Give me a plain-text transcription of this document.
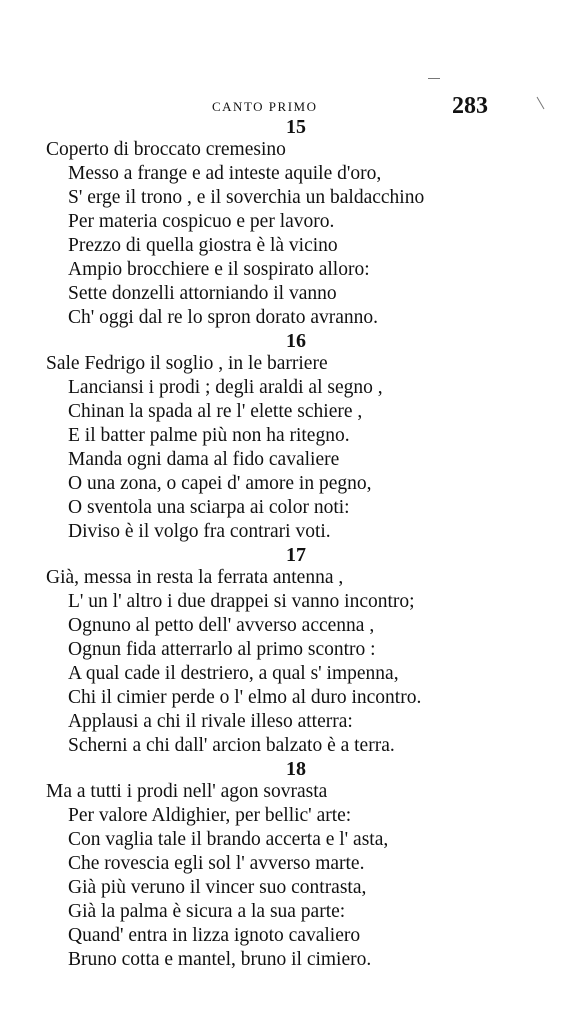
CANTO PRIMO	283
15
Coperto di broccato cremesino
Messo a frange e ad inteste aquile d'oro,
S' erge il trono , e il soverchia un baldacchino
Per materia cospicuo e per lavoro.
Prezzo di quella giostra è là vicino
Ampio brocchiere e il sospirato alloro:
Sette donzelli attorniando il vanno
Ch' oggi dal re lo spron dorato avranno.
16
Sale Fedrigo il soglio , in le barriere
Lanciansi i prodi ; degli araldi al segno ,
Chinan la spada al re l' elette schiere ,
E il batter palme più non ha ritegno.
Manda ogni dama al fido cavaliere
O una zona, o capei d' amore in pegno,
O sventola una sciarpa ai color noti:
Diviso è il volgo fra contrari voti.
17
Già, messa in resta la ferrata antenna ,
L' un l' altro i due drappei si vanno incontro;
Ognuno al petto dell' avverso accenna ,
Ognun fida atterrarlo al primo scontro :
A qual cade il destriero, a qual s' impenna,
Chi il cimier perde o l' elmo al duro incontro.
Applausi a chi il rivale illeso atterra:
Scherni a chi dall' arcion balzato è a terra.
18
Ma a tutti i prodi nell' agon sovrasta
Per valore Aldighier, per bellic' arte:
Con vaglia tale il brando accerta e l' asta,
Che rovescia egli sol l' avverso marte.
Già più veruno il vincer suo contrasta,
Già la palma è sicura a la sua parte:
Quand' entra in lizza ignoto cavaliero
Bruno cotta e mantel, bruno il cimiero.
